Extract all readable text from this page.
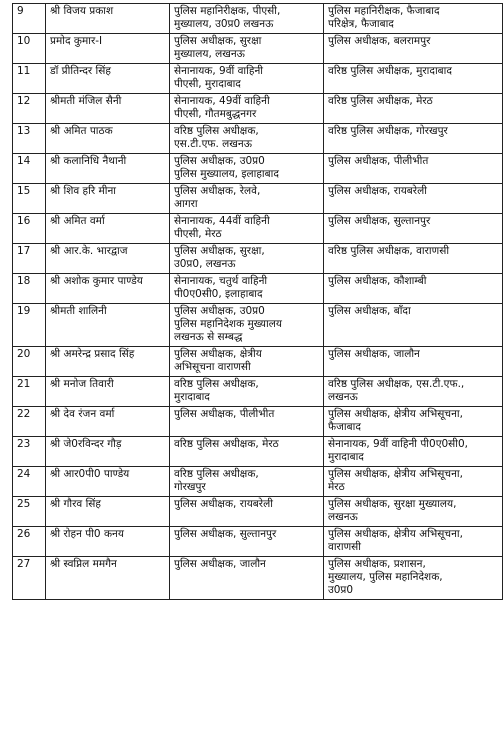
9	श्री विजय प्रकाश	पुलिस महानिरीक्षक, पीएसी,
मुख्यालय, उ0प्र0 लखनऊ	पुलिस महानिरीक्षक, फैजाबाद
परिक्षेत्र, फैजाबाद

10	प्रमोद कुमार-I	पुलिस अधीक्षक, सुरक्षा
मुख्यालय, लखनऊ	पुलिस अधीक्षक, बलरामपुर

11	डॉ प्रीतिन्दर सिंह	सेनानायक, 9वीं वाहिनी
पीएसी, मुरादाबाद	वरिष्ठ पुलिस अधीक्षक, मुरादाबाद

12	श्रीमती मंजिल सैनी	सेनानायक, 49वीं वाहिनी
पीएसी, गौतमबुद्धनगर	वरिष्ठ पुलिस अधीक्षक, मेरठ

13	श्री अमित पाठक	वरिष्ठ पुलिस अधीक्षक,
एस.टी.एफ. लखनऊ	वरिष्ठ पुलिस अधीक्षक, गोरखपुर

14	श्री कलानिधि नैथानी	पुलिस अधीक्षक, उ0प्र0
पुलिस मुख्यालय, इलाहाबाद	पुलिस अधीक्षक, पीलीभीत

15	श्री शिव हरि मीना	पुलिस अधीक्षक, रेलवे,
आगरा	पुलिस अधीक्षक, रायबरेली

16	श्री अमित वर्मा	सेनानायक, 44वीं वाहिनी
पीएसी, मेरठ	पुलिस अधीक्षक, सुल्तानपुर

17	श्री आर.के. भारद्वाज	पुलिस अधीक्षक, सुरक्षा,
उ0प्र0, लखनऊ	वरिष्ठ पुलिस अधीक्षक, वाराणसी

18	श्री अशोक कुमार पाण्डेय	सेनानायक, चतुर्थ वाहिनी
पी0ए0सी0, इलाहाबाद	पुलिस अधीक्षक, कौशाम्बी

19	श्रीमती शालिनी	पुलिस अधीक्षक, उ0प्र0
पुलिस महानिदेशक मुख्यालय
लखनऊ से सम्बद्ध	पुलिस अधीक्षक, बाँदा

20	श्री अमरेन्द्र प्रसाद सिंह	पुलिस अधीक्षक, क्षेत्रीय
अभिसूचना वाराणसी	पुलिस अधीक्षक, जालौन

21	श्री मनोज तिवारी	वरिष्ठ पुलिस अधीक्षक,
मुरादाबाद	वरिष्ठ पुलिस अधीक्षक, एस.टी.एफ.,
लखनऊ

22	श्री देव रंजन वर्मा	पुलिस अधीक्षक, पीलीभीत	पुलिस अधीक्षक, क्षेत्रीय अभिसूचना,
फैजाबाद

23	श्री जे0रविन्दर गौड़	वरिष्ठ पुलिस अधीक्षक, मेरठ	सेनानायक, 9वीं वाहिनी पी0ए0सी0,
मुरादाबाद

24	श्री आर0पी0 पाण्डेय	वरिष्ठ पुलिस अधीक्षक,
गोरखपुर	पुलिस अधीक्षक, क्षेत्रीय अभिसूचना,
मेरठ

25	श्री गौरव सिंह	पुलिस अधीक्षक, रायबरेली	पुलिस अधीक्षक, सुरक्षा मुख्यालय,
लखनऊ

26	श्री रोहन पी0 कनय	पुलिस अधीक्षक, सुल्तानपुर	पुलिस अधीक्षक, क्षेत्रीय अभिसूचना,
वाराणसी

27	श्री स्वप्निल ममगैन	पुलिस अधीक्षक, जालौन	पुलिस अधीक्षक, प्रशासन,
मुख्यालय, पुलिस महानिदेशक,
उ0प्र0
